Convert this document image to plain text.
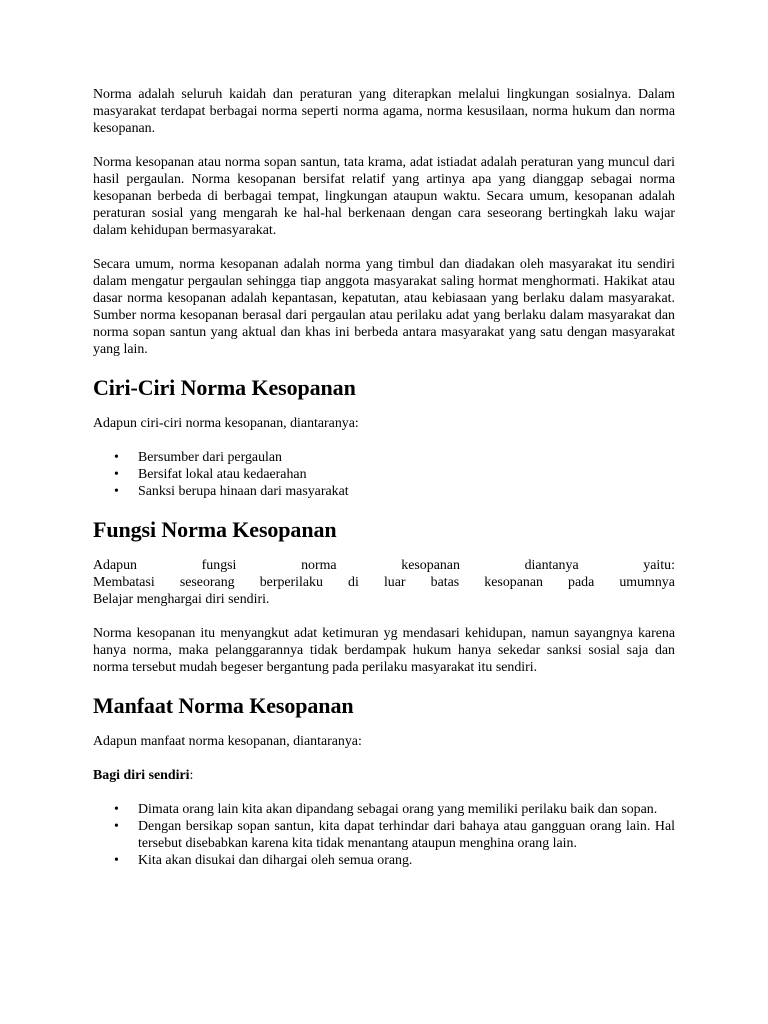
Norma adalah seluruh kaidah dan peraturan yang diterapkan melalui lingkungan sosialnya. Dalam masyarakat terdapat berbagai norma seperti norma agama, norma kesusilaan, norma hukum dan norma kesopanan.

Norma kesopanan atau norma sopan santun, tata krama, adat istiadat adalah peraturan yang muncul dari hasil pergaulan. Norma kesopanan bersifat relatif yang artinya apa yang dianggap sebagai norma kesopanan berbeda di berbagai tempat, lingkungan ataupun waktu. Secara umum, kesopanan adalah peraturan sosial yang mengarah ke hal-hal berkenaan dengan cara seseorang bertingkah laku wajar dalam kehidupan bermasyarakat.

Secara umum, norma kesopanan adalah norma yang timbul dan diadakan oleh masyarakat itu sendiri dalam mengatur pergaulan sehingga tiap anggota masyarakat saling hormat menghormati. Hakikat atau dasar norma kesopanan adalah kepantasan, kepatutan, atau kebiasaan yang berlaku dalam masyarakat. Sumber norma kesopanan berasal dari pergaulan atau perilaku adat yang berlaku dalam masyarakat dan norma sopan santun yang aktual dan khas ini berbeda antara masyarakat yang satu dengan masyarakat yang lain.

Ciri-Ciri Norma Kesopanan

Adapun ciri-ciri norma kesopanan, diantaranya:

• Bersumber dari pergaulan
• Bersifat lokal atau kedaerahan
• Sanksi berupa hinaan dari masyarakat
Fungsi Norma Kesopanan
Adapun	fungsi	norma	kesopanan	diantanya	yaitu:
Membatasi seseorang berperilaku di luar batas kesopanan pada umumnya
Belajar menghargai diri sendiri.

Norma kesopanan itu menyangkut adat ketimuran yg mendasari kehidupan, namun sayangnya karena hanya norma, maka pelanggarannya tidak berdampak hukum hanya sekedar sanksi sosial saja dan norma tersebut mudah begeser bergantung pada perilaku masyarakat itu sendiri.

Manfaat Norma Kesopanan

Adapun manfaat norma kesopanan, diantaranya:

Bagi diri sendiri:

• Dimata orang lain kita akan dipandang sebagai orang yang memiliki perilaku baik dan sopan.
• Dengan bersikap sopan santun, kita dapat terhindar dari bahaya atau gangguan orang lain. Hal tersebut disebabkan karena kita tidak menantang ataupun menghina orang lain.
• Kita akan disukai dan dihargai oleh semua orang.
